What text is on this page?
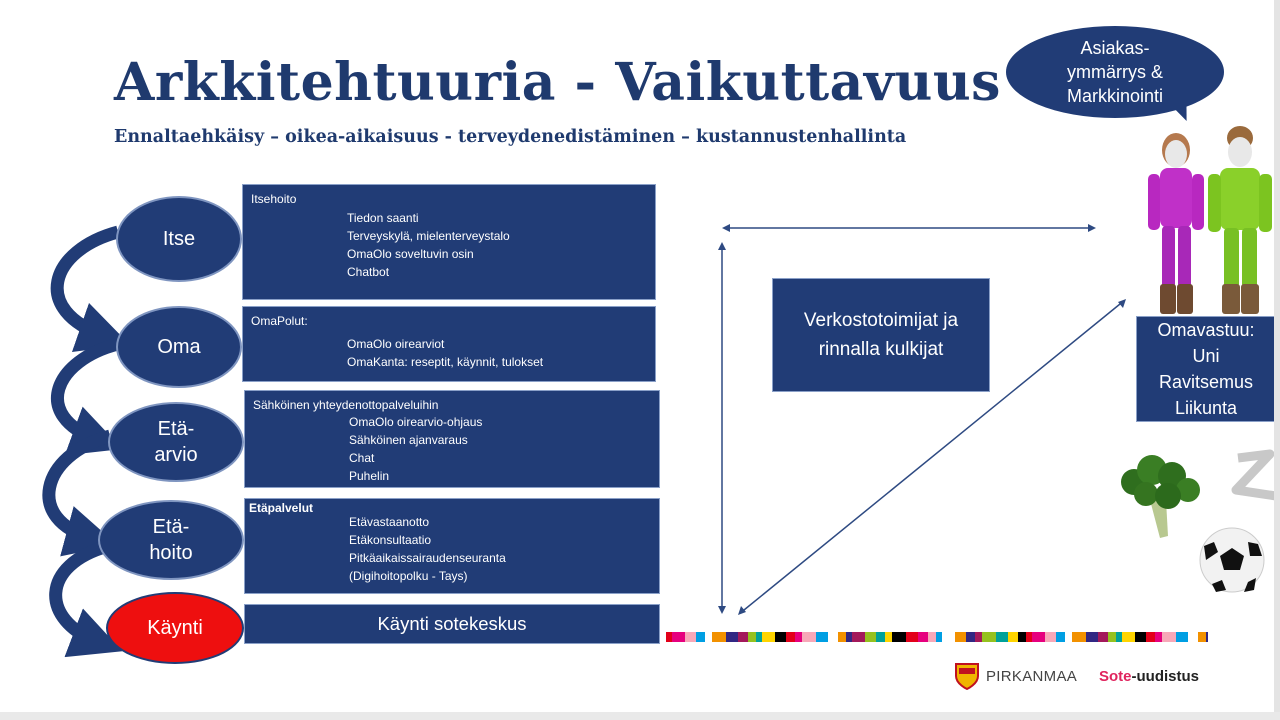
Arkkitehtuuria - Vaikuttavuus
Ennaltaehkäisy – oikea-aikaisuus - terveydenedistäminen – kustannustenhallinta
Asiakas-
ymmärrys &
Markkinointi
Itse
Oma
Etä-
arvio
Etä-
hoito
Käynti
Itsehoito
Tiedon saanti
Terveyskylä, mielenterveystalo
OmaOlo soveltuvin osin
Chatbot
OmaPolut:
OmaOlo oirearviot
OmaKanta: reseptit, käynnit, tulokset
Sähköinen yhteydenottopalveluihin
OmaOlo oirearvio-ohjaus
Sähköinen ajanvaraus
Chat
Puhelin
Etäpalvelut
Etävastaanotto
Etäkonsultaatio
Pitkäaikaissairaudenseuranta
(Digihoitopolku - Tays)
Käynti sotekeskus
Verkostotoimijat ja
rinnalla kulkijat
Omavastuu:
Uni
Ravitsemus
Liikunta
PIRKANMAA Sote-uudistus
